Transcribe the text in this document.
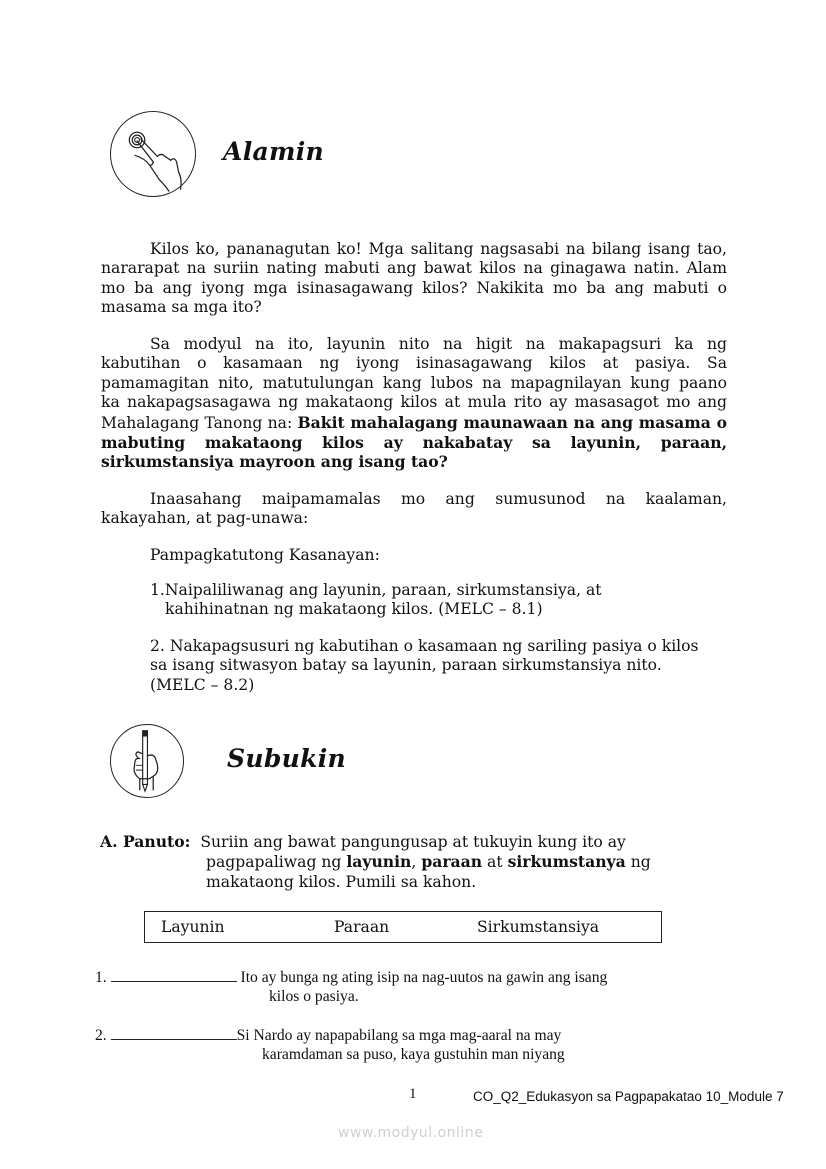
Alamin
Kilos ko, pananagutan ko! Mga salitang nagsasabi na bilang isang tao,
nararapat na suriin nating mabuti ang bawat kilos na ginagawa natin. Alam
mo ba ang iyong mga isinasagawang kilos? Nakikita mo ba ang mabuti o
masama sa mga ito?
Sa modyul na ito, layunin nito na higit na makapagsuri ka ng
kabutihan o kasamaan ng iyong isinasagawang kilos at pasiya. Sa
pamamagitan nito, matutulungan kang lubos na mapagnilayan kung paano
ka nakapagsasagawa ng makataong kilos at mula rito ay masasagot mo ang
Mahalagang Tanong na: Bakit mahalagang maunawaan na ang masama o
mabuting makataong kilos ay nakabatay sa layunin, paraan,
sirkumstansiya mayroon ang isang tao?
Inaasahang maipamamalas mo ang sumusunod na kaalaman,
kakayahan, at pag-unawa:
Pampagkatutong Kasanayan:
1.Naipaliliwanag ang layunin, paraan, sirkumstansiya, at
kahihinatnan ng makataong kilos. (MELC – 8.1)
2. Nakapagsusuri ng kabutihan o kasamaan ng sariling pasiya o kilos
sa isang sitwasyon batay sa layunin, paraan sirkumstansiya nito.
(MELC – 8.2)
Subukin
A. Panuto: Suriin ang bawat pangungusap at tukuyin kung ito ay
pagpapaliwag ng layunin, paraan at sirkumstanya ng
makataong kilos. Pumili sa kahon.
Layunin	Paraan	Sirkumstansiya
1.	Ito ay bunga ng ating isip na nag-uutos na gawin ang isang
kilos o pasiya.
2.	Si Nardo ay napapabilang sa mga mag-aaral na may
karamdaman sa puso, kaya gustuhin man niyang
1	CO_Q2_Edukasyon sa Pagpapakatao 10_Module 7
www.modyul.online
